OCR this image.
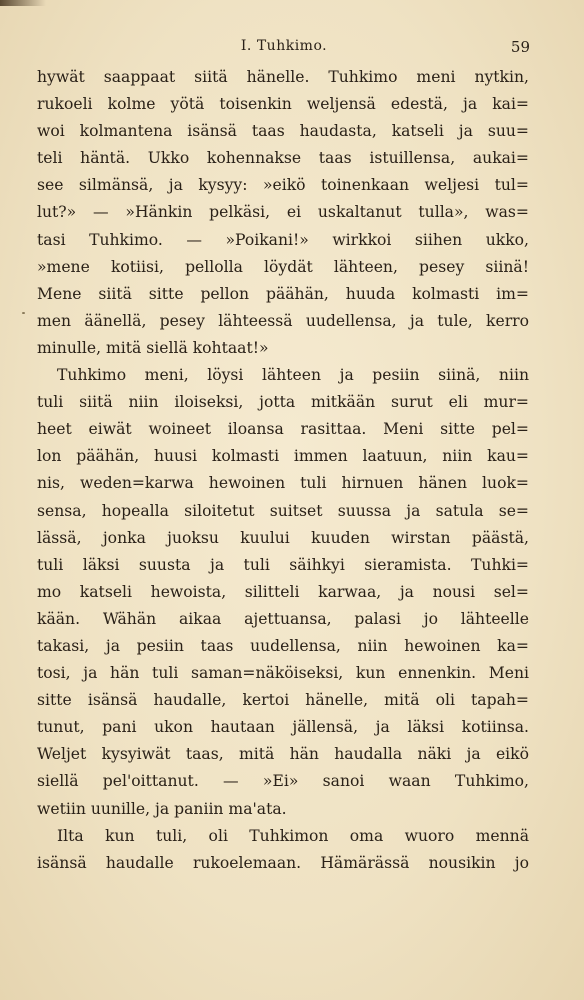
I. Tuhkimo.	59
hywät saappaat siitä hänelle. Tuhkimo meni nytkin,
rukoeli kolme yötä toisenkin weljensä edestä, ja kai=
woi kolmantena isänsä taas haudasta, katseli ja suu=
teli häntä. Ukko kohennakse taas istuillensa, aukai=
see silmänsä, ja kysyy: »eikö toinenkaan weljesi tul=
lut?» — »Hänkin pelkäsi, ei uskaltanut tulla», was=
tasi Tuhkimo. — »Poikani!» wirkkoi siihen ukko,
»mene kotiisi, pellolla löydät lähteen, pesey siinä!
Mene siitä sitte pellon päähän, huuda kolmasti im=
men äänellä, pesey lähteessä uudellensa, ja tule, kerro
minulle, mitä siellä kohtaat!»
Tuhkimo meni, löysi lähteen ja pesiin siinä, niin
tuli siitä niin iloiseksi, jotta mitkään surut eli mur=
heet eiwät woineet iloansa rasittaa. Meni sitte pel=
lon päähän, huusi kolmasti immen laatuun, niin kau=
nis, weden=karwa hewoinen tuli hirnuen hänen luok=
sensa, hopealla siloitetut suitset suussa ja satula se=
lässä, jonka juoksu kuului kuuden wirstan päästä,
tuli läksi suusta ja tuli säihkyi sieramista. Tuhki=
mo katseli hewoista, silitteli karwaa, ja nousi sel=
kään. Wähän aikaa ajettuansa, palasi jo lähteelle
takasi, ja pesiin taas uudellensa, niin hewoinen ka=
tosi, ja hän tuli saman=näköiseksi, kun ennenkin. Meni
sitte isänsä haudalle, kertoi hänelle, mitä oli tapah=
tunut, pani ukon hautaan jällensä, ja läksi kotiinsa.
Weljet kysyiwät taas, mitä hän haudalla näki ja eikö
siellä pel'oittanut. — »Ei» sanoi waan Tuhkimo,
wetiin uunille, ja paniin ma'ata.
Ilta kun tuli, oli Tuhkimon oma wuoro mennä
isänsä haudalle rukoelemaan. Hämärässä nousikin jo
